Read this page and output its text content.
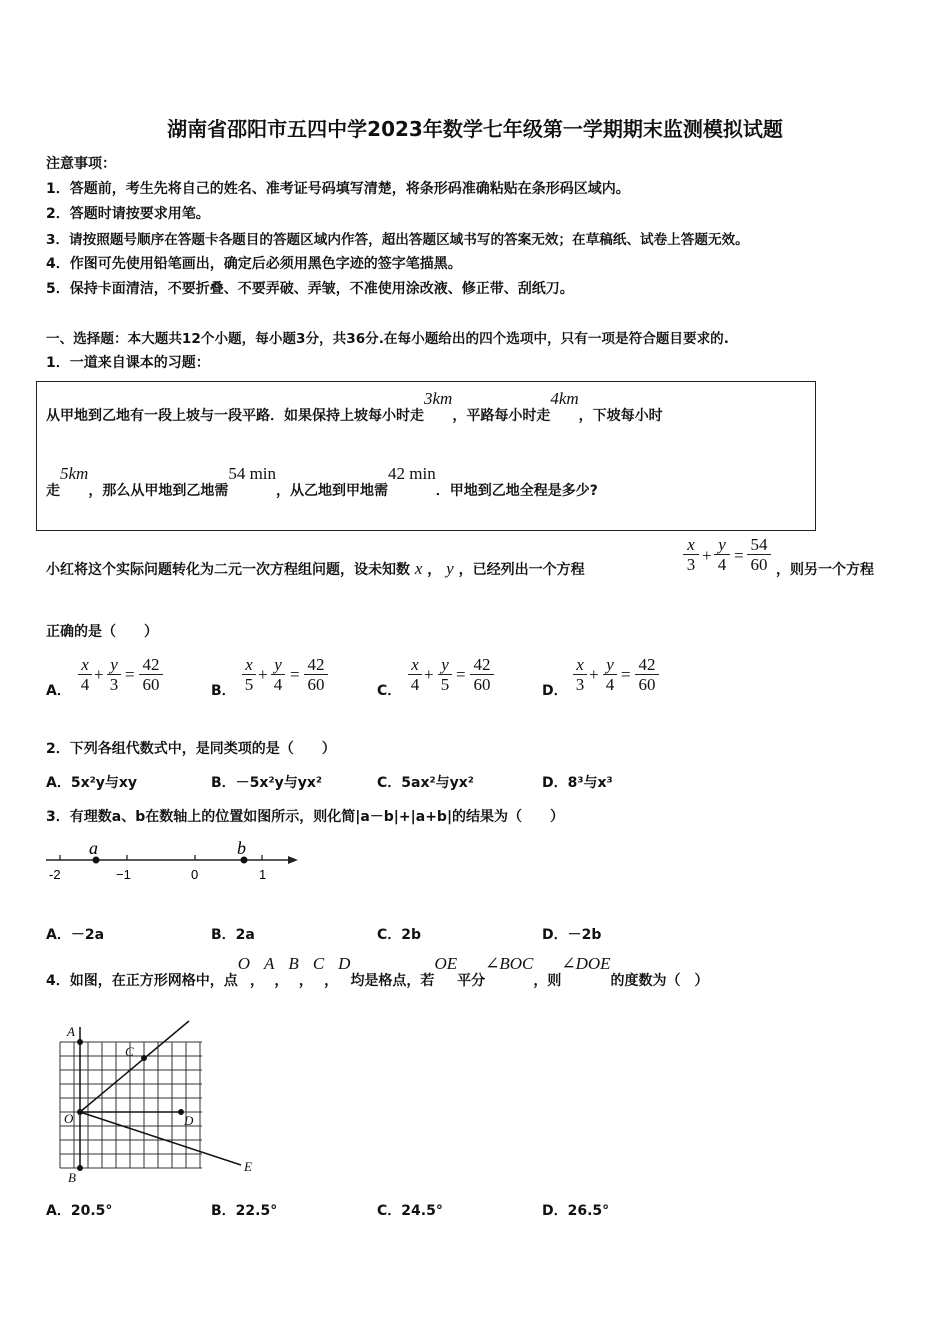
湖南省邵阳市五四中学2023年数学七年级第一学期期末监测模拟试题
注意事项：
1．答题前，考生先将自己的姓名、准考证号码填写清楚，将条形码准确粘贴在条形码区域内。
2．答题时请按要求用笔。
3．请按照题号顺序在答题卡各题目的答题区域内作答，超出答题区域书写的答案无效；在草稿纸、试卷上答题无效。
4．作图可先使用铅笔画出，确定后必须用黑色字迹的签字笔描黑。
5．保持卡面清洁，不要折叠、不要弄破、弄皱，不准使用涂改液、修正带、刮纸刀。
一、选择题：本大题共12个小题，每小题3分，共36分.在每小题给出的四个选项中，只有一项是符合题目要求的.
1．一道来自课本的习题：
从甲地到乙地有一段上坡与一段平路．如果保持上坡每小时走3km，平路每小时走4km，下坡每小时
走5km，那么从甲地到乙地需54 min，从乙地到甲地需42 min．甲地到乙地全程是多少?
小红将这个实际问题转化为二元一次方程组问题，设未知数 x ， y ，已经列出一个方程	$\frac{x}{3} + \frac{y}{4} = \frac{54}{60}$ ，则另一个方程
正确的是（　　）
A． $\frac{x}{4} + \frac{y}{3} = \frac{42}{60}$	B． $\frac{x}{5} + \frac{y}{4} = \frac{42}{60}$	C． $\frac{x}{4} + \frac{y}{5} = \frac{42}{60}$	D． $\frac{x}{3} + \frac{y}{4} = \frac{42}{60}$
2．下列各组代数式中，是同类项的是（　　）
A．5x²y与xy	B．－5x²y与yx²	C．5ax²与yx²	D．8³与x³
3．有理数a、b在数轴上的位置如图所示，则化简|a－b|+|a+b|的结果为（　　）
a	b
-2	−1	0	1
A．－2a	B．2a	C．2b	D．－2b
4．如图，在正方形网格中，点O，A，B，C，D均是格点，若OE平分∠BOC，则∠DOE的度数为（　）
A
C
O	D
B
E
A．20.5°	B．22.5°	C．24.5°	D．26.5°
